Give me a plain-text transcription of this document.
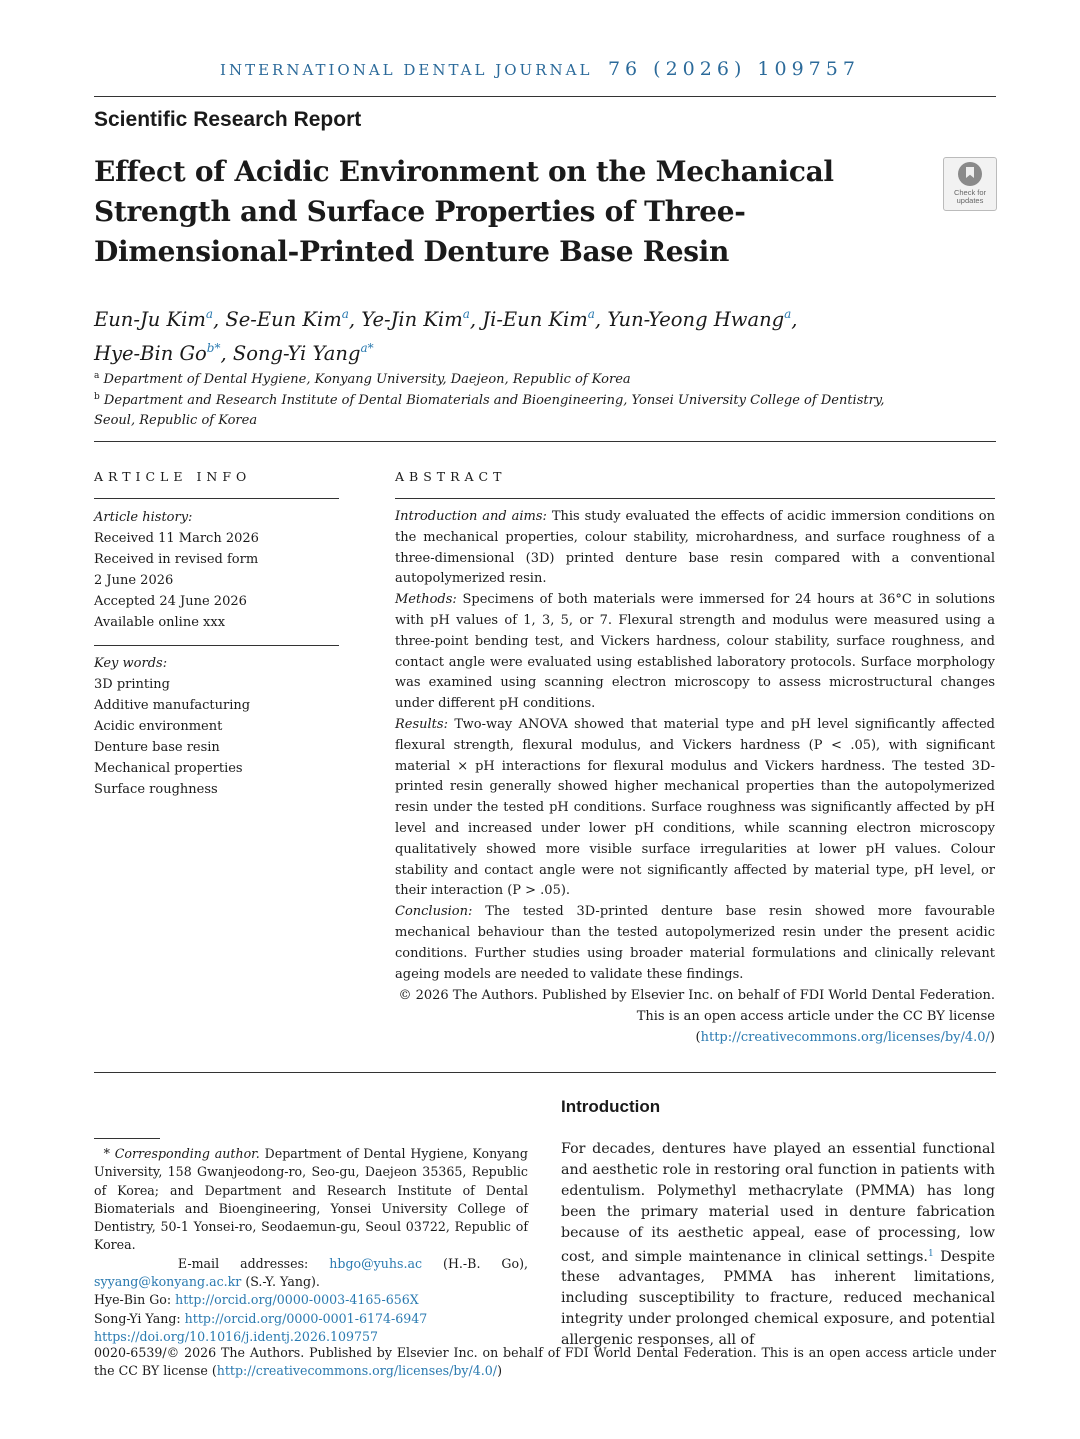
INTERNATIONAL DENTAL JOURNAL 76 (2026) 109757
Scientific Research Report
Effect of Acidic Environment on the Mechanical Strength and Surface Properties of Three-Dimensional-Printed Denture Base Resin
Check for
updates
Eun-Ju Kim$^a$, Se-Eun Kim$^a$, Ye-Jin Kim$^a$, Ji-Eun Kim$^a$, Yun-Yeong Hwang$^a$,
Hye-Bin $Go^{b*}$, Song-Yi Yang$^{a*}$
$^a$ Department of Dental Hygiene, Konyang University, Daejeon, Republic of Korea
$^b$ Department and Research Institute of Dental Biomaterials and Bioengineering, Yonsei University College of Dentistry,
Seoul, Republic of Korea
ARTICLE INFO
Article history:
Received 11 March 2026
Received in revised form
2 June 2026
Accepted 24 June 2026
Available online xxx
Key words:
3D printing
Additive manufacturing
Acidic environment
Denture base resin
Mechanical properties
Surface roughness
ABSTRACT

Introduction and aims: This study evaluated the effects of acidic immersion conditions on the mechanical properties, colour stability, microhardness, and surface roughness of a three-dimensional (3D) printed denture base resin compared with a conventional autopolymerized resin.

Methods: Specimens of both materials were immersed for 24 hours at 36°C in solutions with pH values of 1, 3, 5, or 7. Flexural strength and modulus were measured using a three-point bending test, and Vickers hardness, colour stability, surface roughness, and contact angle were evaluated using established laboratory protocols. Surface morphology was examined using scanning electron microscopy to assess microstructural changes under different pH conditions.

Results: Two-way ANOVA showed that material type and pH level significantly affected flexural strength, flexural modulus, and Vickers hardness (P < .05), with significant material × pH interactions for flexural modulus and Vickers hardness. The tested 3D-printed resin generally showed higher mechanical properties than the autopolymerized resin under the tested pH conditions. Surface roughness was significantly affected by pH level and increased under lower pH conditions, while scanning electron microscopy qualitatively showed more visible surface irregularities at lower pH values. Colour stability and contact angle were not significantly affected by material type, pH level, or their interaction (P > .05).

Conclusion: The tested 3D-printed denture base resin showed more favourable mechanical behaviour than the tested autopolymerized resin under the present acidic conditions. Further studies using broader material formulations and clinically relevant ageing models are needed to validate these findings.

© 2026 The Authors. Published by Elsevier Inc. on behalf of FDI World Dental Federation.
This is an open access article under the CC BY license
(http://creativecommons.org/licenses/by/4.0/)
Introduction
For decades, dentures have played an essential functional and aesthetic role in restoring oral function in patients with edentulism. Polymethyl methacrylate (PMMA) has long been the primary material used in denture fabrication because of its aesthetic appeal, ease of processing, low cost, and simple maintenance in clinical settings.$^1$ Despite these advantages, PMMA has inherent limitations, including susceptibility to fracture, reduced mechanical integrity under prolonged chemical exposure, and potential allergenic responses, all of

* Corresponding author. Department of Dental Hygiene, Konyang University, 158 Gwanjeodong-ro, Seo-gu, Daejeon 35365, Republic of Korea; and Department and Research Institute of Dental Biomaterials and Bioengineering, Yonsei University College of Dentistry, 50-1 Yonsei-ro, Seodaemun-gu, Seoul 03722, Republic of Korea.

E-mail addresses: hbgo@yuhs.ac (H.-B. Go), syyang@konyang.ac.kr (S.-Y. Yang).

Hye-Bin Go: http://orcid.org/0000-0003-4165-656X

Song-Yi Yang: http://orcid.org/0000-0001-6174-6947

https://doi.org/10.1016/j.identj.2026.109757

0020-6539/© 2026 The Authors. Published by Elsevier Inc. on behalf of FDI World Dental Federation. This is an open access article under the CC BY license (http://creativecommons.org/licenses/by/4.0/)
